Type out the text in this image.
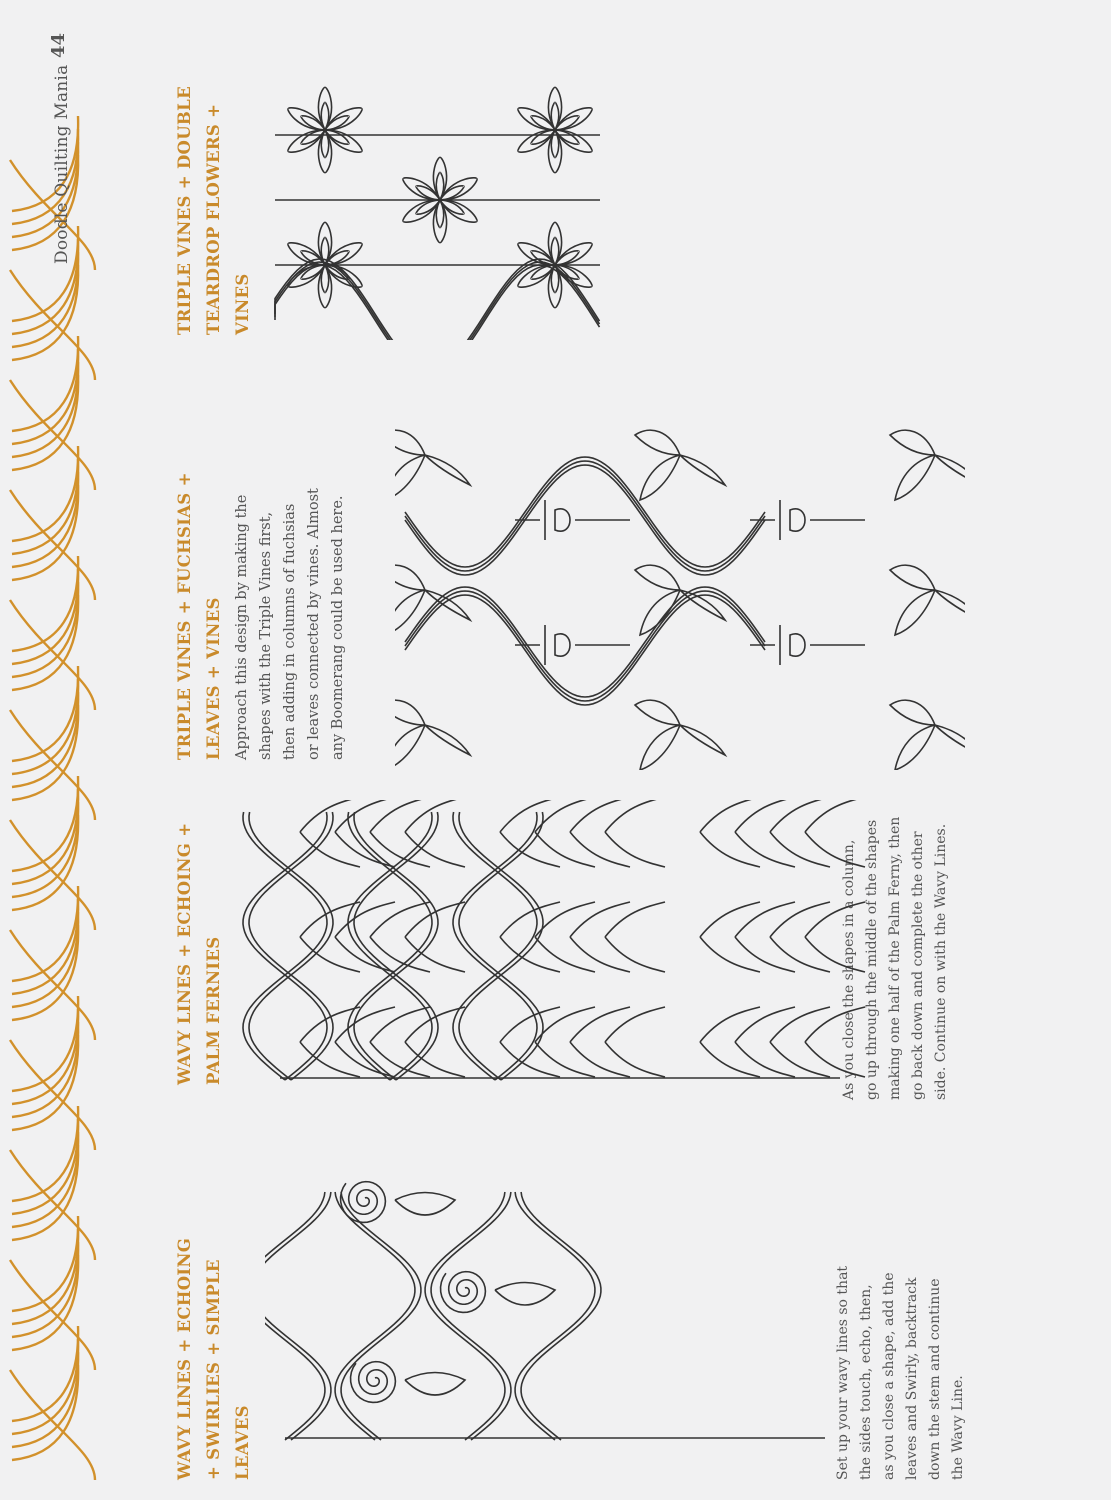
Doodle Quilting Mania
44
WAVY LINES + ECHOING + SWIRLIES + SIMPLE LEAVES	Set up your wavy lines so that the sides touch, echo, then, as you close a shape, add the leaves and Swirly, backtrack down the stem and continue the Wavy Line.
WAVY LINES + ECHOING + PALM FERNIES	As you close the shapes in a column, go up through the middle of the shapes making one half of the Palm Ferny, then go back down and complete the other side. Continue on with the Wavy Lines.
TRIPLE VINES + FUCHSIAS + LEAVES + VINES Approach this design by making the shapes with the Triple Vines first, then adding in columns of fuchsias or leaves connected by vines. Almost any Boomerang could be used here.
TRIPLE VINES + DOUBLE TEARDROP FLOWERS + VINES
